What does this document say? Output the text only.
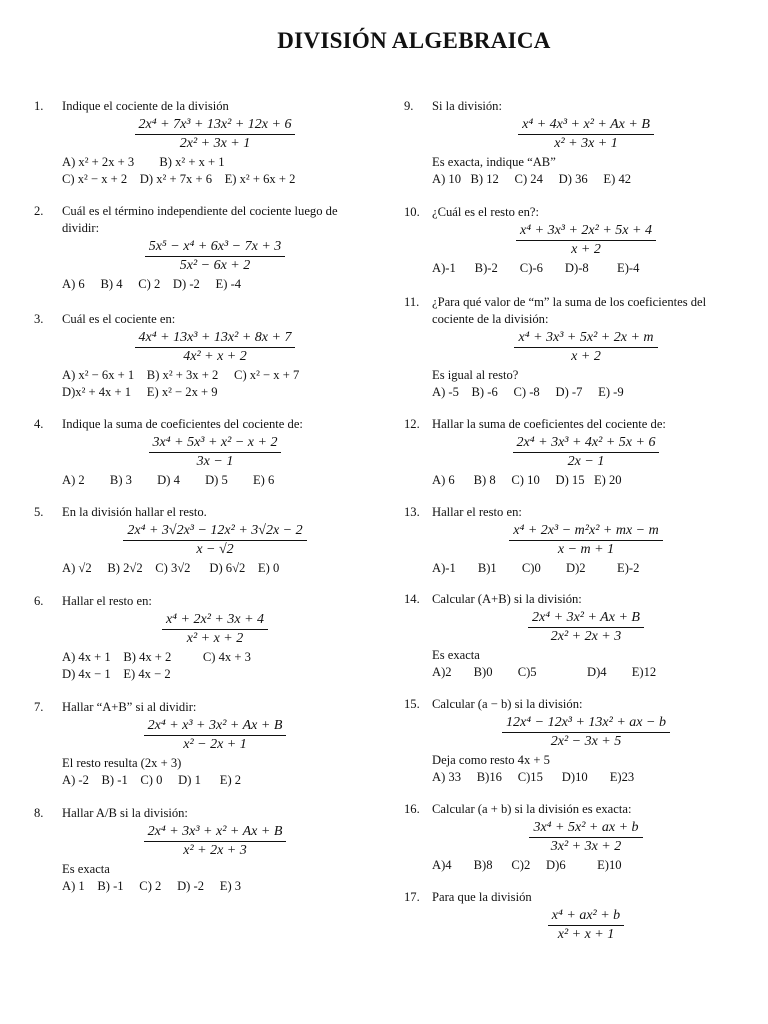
DIVISIÓN ALGEBRAICA
1. Indique el cociente de la división
2x⁴ + 7x³ + 13x² + 12x + 6
2x² + 3x + 1
A) x² + 2x + 3        B) x² + x + 1
C) x² − x + 2    D) x² + 7x + 6    E) x² + 6x + 2
2. Cuál es el término independiente del cociente luego de dividir:
5x⁵ − x⁴ + 6x³ − 7x + 3
5x² − 6x + 2
A) 6     B) 4     C) 2    D) -2     E) -4
3. Cuál es el cociente en:
4x⁴ + 13x³ + 13x² + 8x + 7
4x² + x + 2
A) x² − 6x + 1    B) x² + 3x + 2     C) x² − x + 7
D)x² + 4x + 1     E) x² − 2x + 9
4. Indique la suma de coeficientes del cociente de:
3x⁴ + 5x³ + x² − x + 2
3x − 1
A) 2        B) 3        D) 4        D) 5        E) 6
5. En la división hallar el resto.
2x⁴ + 3√2x³ − 12x² + 3√2x − 2
x − √2
A) √2     B) 2√2    C) 3√2      D) 6√2    E) 0
6. Hallar el resto en:
x⁴ + 2x² + 3x + 4
x² + x + 2
A) 4x + 1    B) 4x + 2          C) 4x + 3
D) 4x − 1    E) 4x − 2
7. Hallar “A+B” si al dividir:
2x⁴ + x³ + 3x² + Ax + B
x² − 2x + 1
El resto resulta (2x + 3)
A) -2    B) -1    C) 0     D) 1      E) 2
8. Hallar A/B si la división:
2x⁴ + 3x³ + x² + Ax + B
x² + 2x + 3
Es exacta
A) 1    B) -1     C) 2     D) -2     E) 3
9. Si la división:
x⁴ + 4x³ + x² + Ax + B
x² + 3x + 1
Es exacta, indique “AB”
A) 10   B) 12     C) 24     D) 36     E) 42
10. ¿Cuál es el resto en?:
x⁴ + 3x³ + 2x² + 5x + 4
x + 2
A)-1      B)-2       C)-6       D)-8         E)-4
11. ¿Para qué valor de “m” la suma de los coeficientes del cociente de la división:
x⁴ + 3x³ + 5x² + 2x + m
x + 2
Es igual al resto?
A) -5    B) -6     C) -8     D) -7     E) -9
12. Hallar la suma de coeficientes del cociente de:
2x⁴ + 3x³ + 4x² + 5x + 6
2x − 1
A) 6      B) 8     C) 10     D) 15   E) 20
13. Hallar el resto en:
x⁴ + 2x³ − m²x² + mx − m
x − m + 1
A)-1       B)1        C)0        D)2          E)-2
14. Calcular (A+B) si la división:
2x⁴ + 3x² + Ax + B
2x² + 2x + 3
Es exacta
A)2       B)0        C)5                D)4        E)12
15. Calcular (a − b) si la división:
12x⁴ − 12x³ + 13x² + ax − b
2x² − 3x + 5
Deja como resto 4x + 5
A) 33     B)16     C)15      D)10       E)23
16. Calcular (a + b) si la división es exacta:
3x⁴ + 5x² + ax + b
3x² + 3x + 2
A)4       B)8      C)2     D)6          E)10
17. Para que la división
x⁴ + ax² + b
x² + x + 1
